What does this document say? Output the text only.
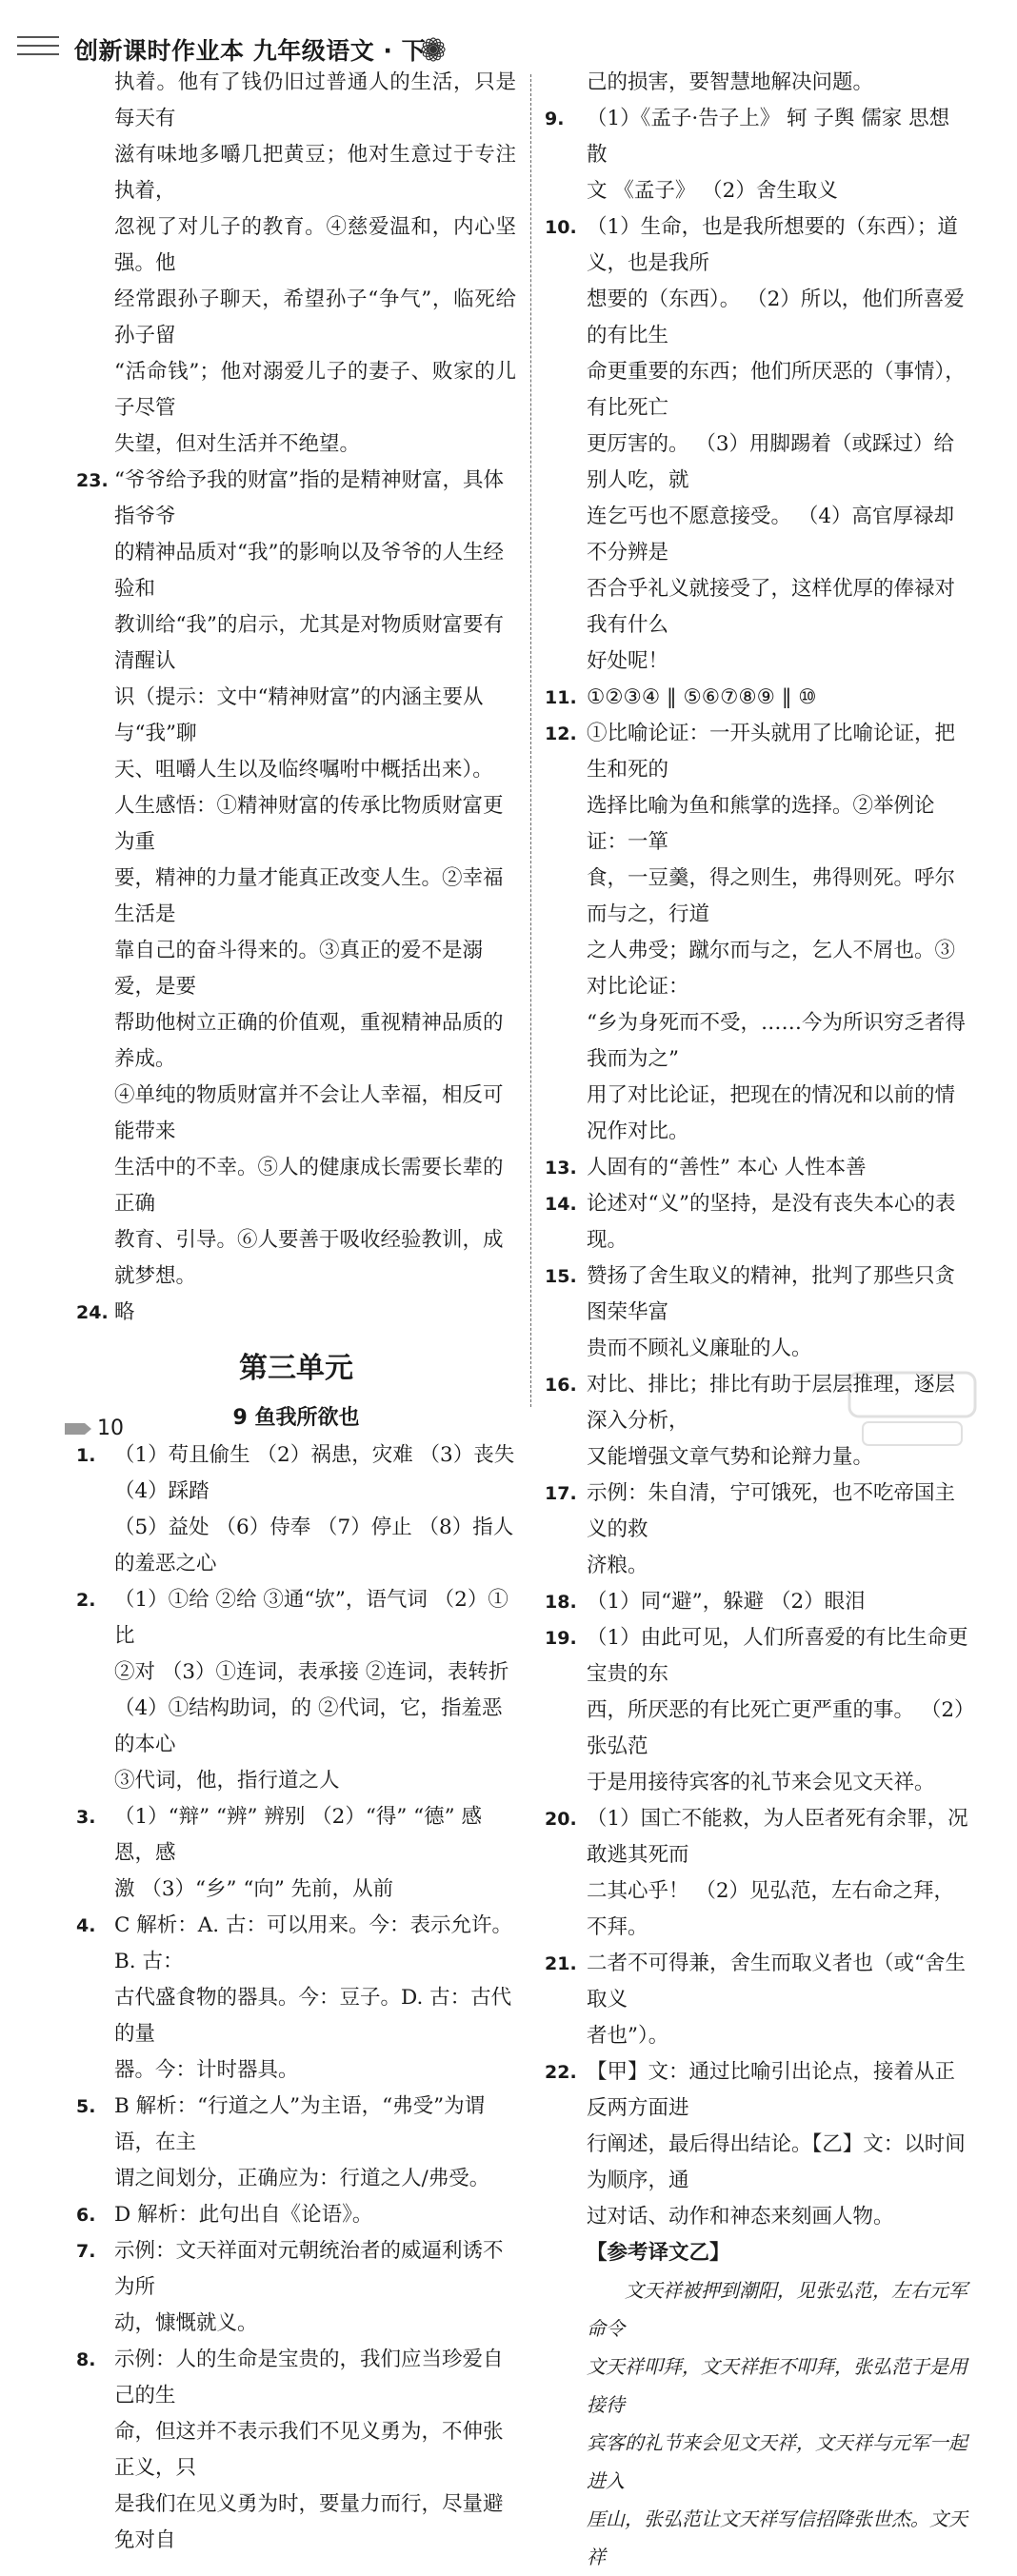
创新课时作业本 九年级语文 · 下
执着。他有了钱仍旧过普通人的生活，只是每天有
滋有味地多嚼几把黄豆；他对生意过于专注执着，
忽视了对儿子的教育。④慈爱温和，内心坚强。他
经常跟孙子聊天，希望孙子“争气”，临死给孙子留
“活命钱”；他对溺爱儿子的妻子、败家的儿子尽管
失望，但对生活并不绝望。
23. “爷爷给予我的财富”指的是精神财富，具体指爷爷
的精神品质对“我”的影响以及爷爷的人生经验和
教训给“我”的启示，尤其是对物质财富要有清醒认
识（提示：文中“精神财富”的内涵主要从与“我”聊
天、咀嚼人生以及临终嘱咐中概括出来）。
人生感悟：①精神财富的传承比物质财富更为重
要，精神的力量才能真正改变人生。②幸福生活是
靠自己的奋斗得来的。③真正的爱不是溺爱，是要
帮助他树立正确的价值观，重视精神品质的养成。
④单纯的物质财富并不会让人幸福，相反可能带来
生活中的不幸。⑤人的健康成长需要长辈的正确
教育、引导。⑥人要善于吸收经验教训，成就梦想。
24. 略
第三单元
9 鱼我所欲也
1. （1）苟且偷生 （2）祸患，灾难 （3）丧失 （4）踩踏
（5）益处 （6）侍奉 （7）停止 （8）指人的羞恶之心
2. （1）①给 ②给 ③通“欤”，语气词 （2）①比
②对 （3）①连词，表承接 ②连词，表转折
（4）①结构助词，的 ②代词，它，指羞恶的本心
③代词，他，指行道之人
3. （1）“辩” “辨” 辨别 （2）“得” “德” 感恩，感
激 （3）“乡” “向” 先前，从前
4. C 解析：A. 古：可以用来。今：表示允许。B. 古：
古代盛食物的器具。今：豆子。D. 古：古代的量
器。今：计时器具。
5. B 解析：“行道之人”为主语，“弗受”为谓语，在主
谓之间划分，正确应为：行道之人/弗受。
6. D 解析：此句出自《论语》。
7. 示例：文天祥面对元朝统治者的威逼利诱不为所
动，慷慨就义。
8. 示例：人的生命是宝贵的，我们应当珍爱自己的生
命，但这并不表示我们不见义勇为，不伸张正义，只
是我们在见义勇为时，要量力而行，尽量避免对自
己的损害，要智慧地解决问题。
9. （1）《孟子·告子上》 轲 子舆 儒家 思想 散
文 《孟子》 （2）舍生取义
10. （1）生命，也是我所想要的（东西）；道义，也是我所
想要的（东西）。 （2）所以，他们所喜爱的有比生
命更重要的东西；他们所厌恶的（事情），有比死亡
更厉害的。 （3）用脚踢着（或踩过）给别人吃，就
连乞丐也不愿意接受。 （4）高官厚禄却不分辨是
否合乎礼义就接受了，这样优厚的俸禄对我有什么
好处呢！
11. ①②③④ ‖ ⑤⑥⑦⑧⑨ ‖ ⑩
12. ①比喻论证：一开头就用了比喻论证，把生和死的
选择比喻为鱼和熊掌的选择。②举例论证：一箪
食，一豆羹，得之则生，弗得则死。呼尔而与之，行道
之人弗受；蹴尔而与之，乞人不屑也。③对比论证：
“乡为身死而不受，……今为所识穷乏者得我而为之”
用了对比论证，把现在的情况和以前的情况作对比。
13. 人固有的“善性” 本心 人性本善
14. 论述对“义”的坚持，是没有丧失本心的表现。
15. 赞扬了舍生取义的精神，批判了那些只贪图荣华富
贵而不顾礼义廉耻的人。
16. 对比、排比；排比有助于层层推理，逐层深入分析，
又能增强文章气势和论辩力量。
17. 示例：朱自清，宁可饿死，也不吃帝国主义的救
济粮。
18. （1）同“避”，躲避 （2）眼泪
19. （1）由此可见，人们所喜爱的有比生命更宝贵的东
西，所厌恶的有比死亡更严重的事。 （2）张弘范
于是用接待宾客的礼节来会见文天祥。
20. （1）国亡不能救，为人臣者死有余罪，况敢逃其死而
二其心乎！ （2）见弘范，左右命之拜，不拜。
21. 二者不可得兼，舍生而取义者也（或“舍生取义
者也”）。
22. 【甲】文：通过比喻引出论点，接着从正反两方面进
行阐述，最后得出结论。【乙】文：以时间为顺序，通
过对话、动作和神态来刻画人物。
【参考译文乙】
文天祥被押到潮阳，见张弘范，左右元军命令
文天祥叩拜，文天祥拒不叩拜，张弘范于是用接待
宾客的礼节来会见文天祥，文天祥与元军一起进入
厓山，张弘范让文天祥写信招降张世杰。文天祥
10
